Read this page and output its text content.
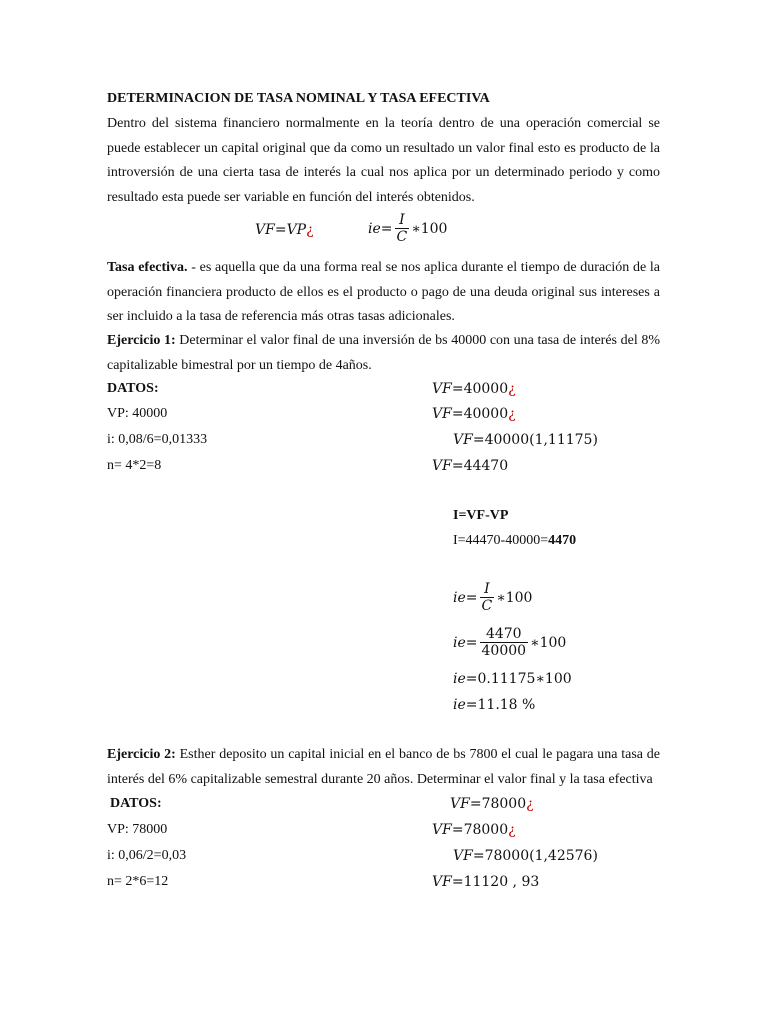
DETERMINACION DE TASA NOMINAL Y TASA EFECTIVA
Dentro del sistema financiero normalmente en la teoría dentro de una operación comercial se puede establecer un capital original que da como un resultado un valor final esto es producto de la introversión de una cierta tasa de interés la cual nos aplica por un determinado periodo y como resultado esta puede ser variable en función del interés obtenidos.
VF=VP¿	$ie= \frac{I}{C}$ ∗100
Tasa efectiva. - es aquella que da una forma real se nos aplica durante el tiempo de duración de la operación financiera producto de ellos es el producto o pago de una deuda original sus intereses a ser incluido a la tasa de referencia más otras tasas adicionales.
Ejercicio 1: Determinar el valor final de una inversión de bs 40000 con una tasa de interés del 8% capitalizable bimestral por un tiempo de 4años.
DATOS:
VP: 40000
i: 0,08/6=0,01333
n= 4*2=8
VF=40000¿
VF=40000¿
VF=40000(1,11175)
VF=44470
I=VF-VP
I=44470-40000=4470
$ie= \frac{I}{C}$ ∗100
$ie= \frac{4470}{40000}$ ∗100
ie=0.11175∗100
ie=11.18 %
Ejercicio 2: Esther deposito un capital inicial en el banco de bs 7800 el cual le pagara una tasa de interés del 6% capitalizable semestral durante 20 años. Determinar el valor final y la tasa efectiva
DATOS:
VP: 78000
i: 0,06/2=0,03
n= 2*6=12
VF=78000¿
VF=78000¿
VF=78000(1,42576)
VF=11120 , 93
